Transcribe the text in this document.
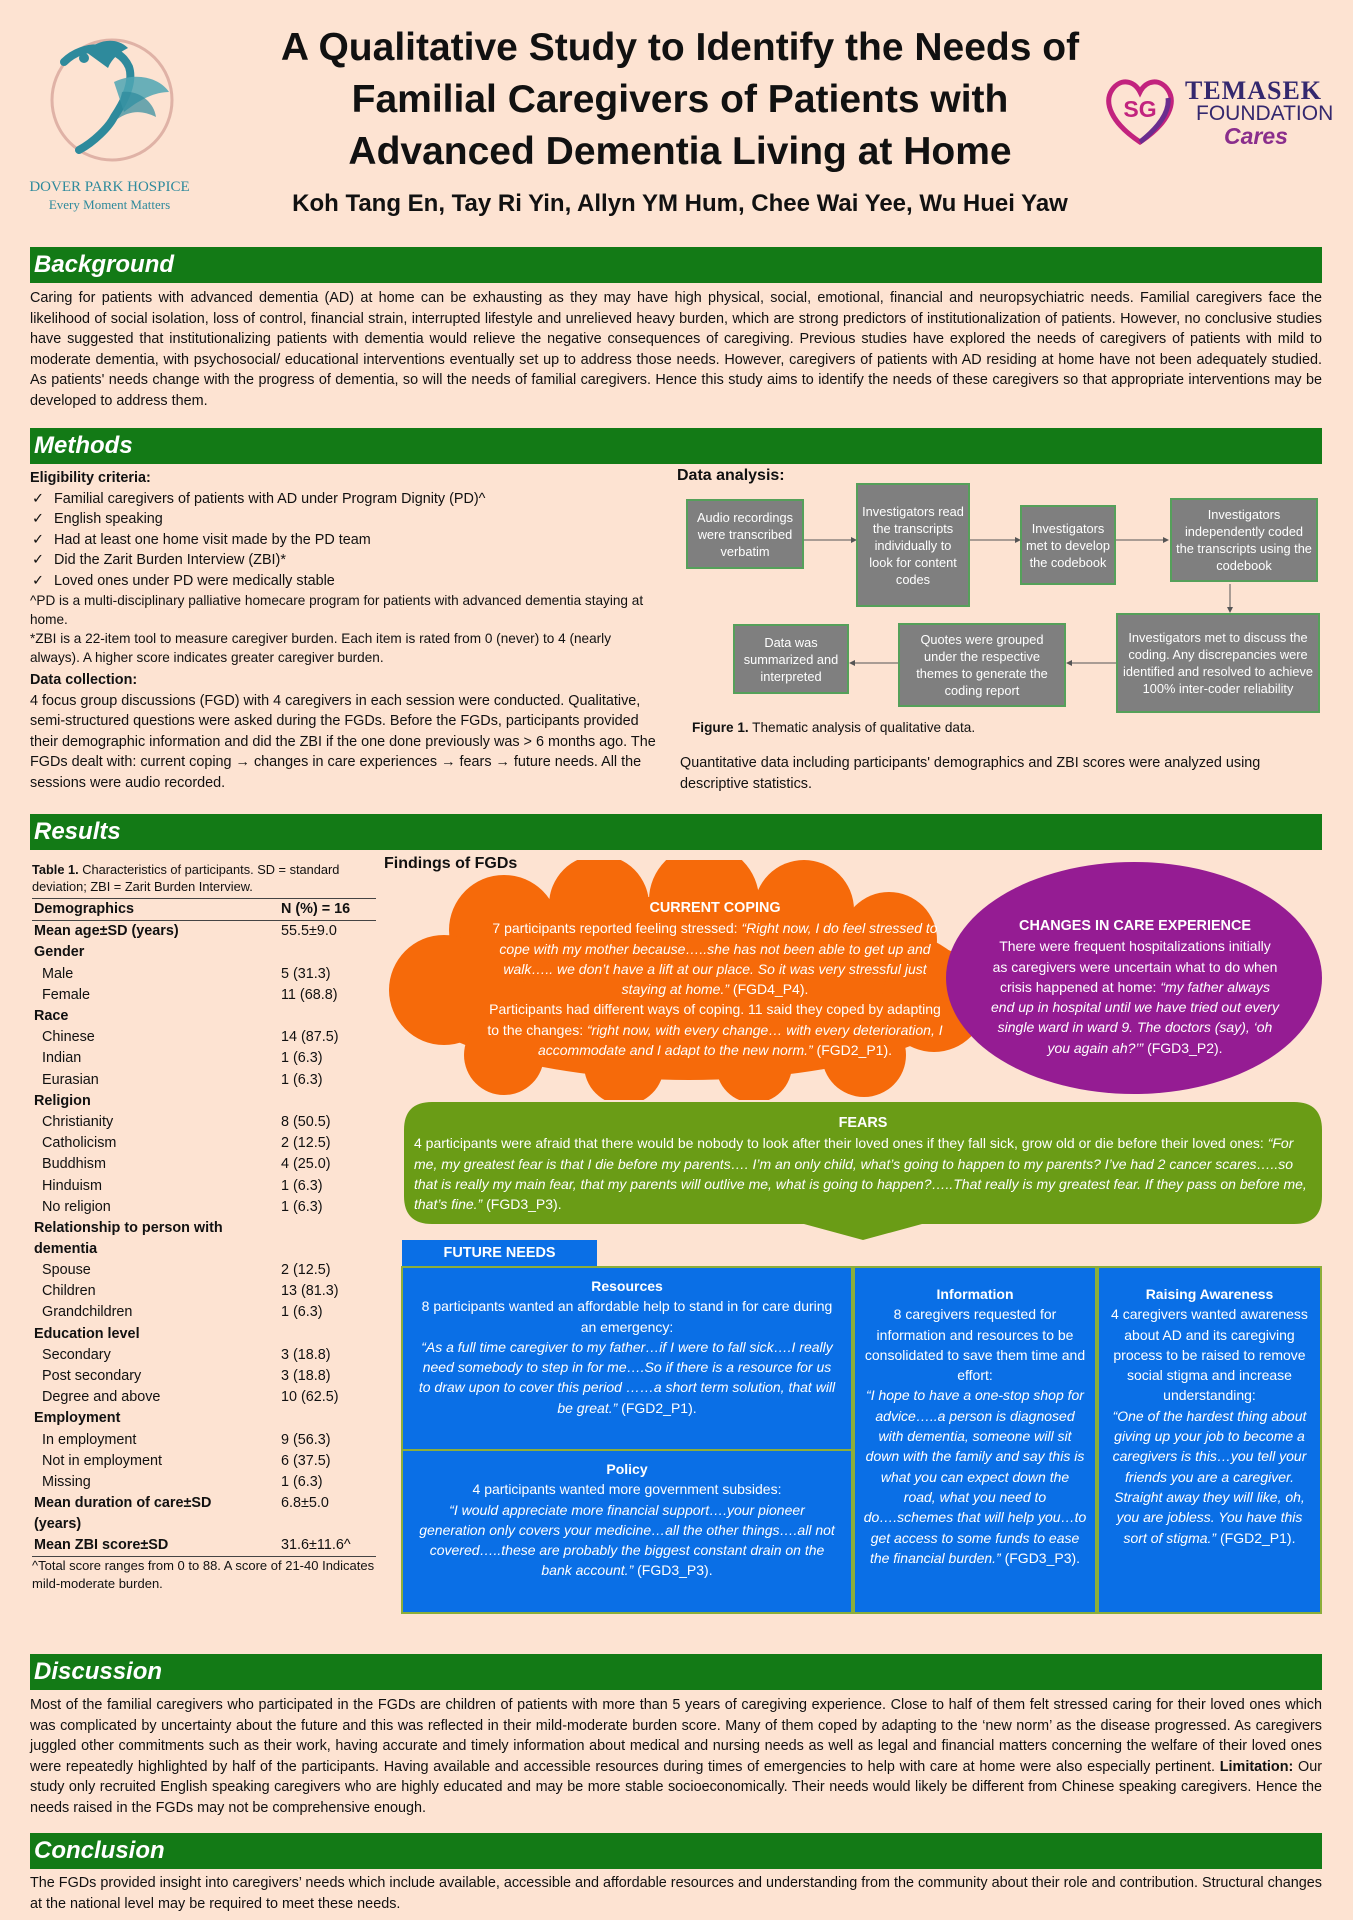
DOVER PARK HOSPICE
Every Moment Matters
A Qualitative Study to Identify the Needs of
Familial Caregivers of Patients with
Advanced Dementia Living at Home
Koh Tang En, Tay Ri Yin, Allyn YM Hum, Chee Wai Yee, Wu Huei Yaw
SG
TEMASEK
FOUNDATION
Cares
Background
Caring for patients with advanced dementia (AD) at home can be exhausting as they may have high physical, social, emotional, financial and neuropsychiatric needs. Familial caregivers face the likelihood of social isolation, loss of control, financial strain, interrupted lifestyle and unrelieved heavy burden, which are strong predictors of institutionalization of patients. However, no conclusive studies have suggested that institutionalizing patients with dementia would relieve the negative consequences of caregiving. Previous studies have explored the needs of caregivers of patients with mild to moderate dementia, with psychosocial/ educational interventions eventually set up to address those needs. However, caregivers of patients with AD residing at home have not been adequately studied. As patients' needs change with the progress of dementia, so will the needs of familial caregivers. Hence this study aims to identify the needs of these caregivers so that appropriate interventions may be developed to address them.
Methods
Eligibility criteria:
✓ Familial caregivers of patients with AD under Program Dignity (PD)^
✓ English speaking
✓ Had at least one home visit made by the PD team
✓ Did the Zarit Burden Interview (ZBI)*
✓ Loved ones under PD were medically stable
^PD is a multi-disciplinary palliative homecare program for patients with advanced dementia staying at home.
*ZBI is a 22-item tool to measure caregiver burden. Each item is rated from 0 (never) to 4 (nearly always). A higher score indicates greater caregiver burden.
Data collection:
4 focus group discussions (FGD) with 4 caregivers in each session were conducted. Qualitative, semi-structured questions were asked during the FGDs. Before the FGDs, participants provided their demographic information and did the ZBI if the one done previously was > 6 months ago. The FGDs dealt with: current coping → changes in care experiences → fears → future needs. All the sessions were audio recorded.
Data analysis:
Audio recordings were transcribed verbatim
Investigators read the transcripts individually to look for content codes
Investigators met to develop the codebook
Investigators independently coded the transcripts using the codebook
Investigators met to discuss the coding. Any discrepancies were identified and resolved to achieve 100% inter-coder reliability
Quotes were grouped under the respective themes to generate the coding report
Data was summarized and interpreted
Figure 1. Thematic analysis of qualitative data.
Quantitative data including participants' demographics and ZBI scores were analyzed using descriptive statistics.
Results
Table 1. Characteristics of participants. SD = standard deviation; ZBI = Zarit Burden Interview.
Demographics	N (%) = 16
Mean age±SD (years)	55.5±9.0
Gender	
Male	5 (31.3)
Female	11 (68.8)
Race	
Chinese	14 (87.5)
Indian	1 (6.3)
Eurasian	1 (6.3)
Religion	
Christianity	8 (50.5)
Catholicism	2 (12.5)
Buddhism	4 (25.0)
Hinduism	1 (6.3)
No religion	1 (6.3)
Relationship to person with dementia	
Spouse	2 (12.5)
Children	13 (81.3)
Grandchildren	1 (6.3)
Education level	
Secondary	3 (18.8)
Post secondary	3 (18.8)
Degree and above	10 (62.5)
Employment	
In employment	9 (56.3)
Not in employment	6 (37.5)
Missing	1 (6.3)
Mean duration of care±SD (years)	6.8±5.0
Mean ZBI score±SD	31.6±11.6^
^Total score ranges from 0 to 88. A score of 21-40 Indicates mild-moderate burden.
Findings of FGDs
CURRENT COPING
7 participants reported feeling stressed: “Right now, I do feel stressed to cope with my mother because…..she has not been able to get up and walk….. we don’t have a lift at our place. So it was very stressful just staying at home.” (FGD4_P4).
Participants had different ways of coping. 11 said they coped by adapting to the changes: “right now, with every change… with every deterioration, I accommodate and I adapt to the new norm.” (FGD2_P1).
CHANGES IN CARE EXPERIENCE
There were frequent hospitalizations initially as caregivers were uncertain what to do when crisis happened at home: “my father always end up in hospital until we have tried out every single ward in ward 9. The doctors (say), ‘oh you again ah?’” (FGD3_P2).
FEARS
4 participants were afraid that there would be nobody to look after their loved ones if they fall sick, grow old or die before their loved ones: “For me, my greatest fear is that I die before my parents…. I’m an only child, what’s going to happen to my parents? I’ve had 2 cancer scares…..so that is really my main fear, that my parents will outlive me, what is going to happen?…..That really is my greatest fear. If they pass on before me, that’s fine.” (FGD3_P3).
FUTURE NEEDS
Resources
8 participants wanted an affordable help to stand in for care during an emergency:
“As a full time caregiver to my father…if I were to fall sick….I really need somebody to step in for me….So if there is a resource for us to draw upon to cover this period ……a short term solution, that will be great.” (FGD2_P1).
Policy
4 participants wanted more government subsides:
“I would appreciate more financial support….your pioneer generation only covers your medicine…all the other things….all not covered…..these are probably the biggest constant drain on the bank account.” (FGD3_P3).
Information
8 caregivers requested for information and resources to be consolidated to save them time and effort:
“I hope to have a one-stop shop for advice…..a person is diagnosed with dementia, someone will sit down with the family and say this is what you can expect down the road, what you need to do….schemes that will help you…to get access to some funds to ease the financial burden.” (FGD3_P3).
Raising Awareness
4 caregivers wanted awareness about AD and its caregiving process to be raised to remove social stigma and increase understanding:
“One of the hardest thing about giving up your job to become a caregivers is this…you tell your friends you are a caregiver. Straight away they will like, oh, you are jobless. You have this sort of stigma.” (FGD2_P1).
Discussion
Most of the familial caregivers who participated in the FGDs are children of patients with more than 5 years of caregiving experience. Close to half of them felt stressed caring for their loved ones which was complicated by uncertainty about the future and this was reflected in their mild-moderate burden score. Many of them coped by adapting to the ‘new norm’ as the disease progressed. As caregivers juggled other commitments such as their work, having accurate and timely information about medical and nursing needs as well as legal and financial matters concerning the welfare of their loved ones were repeatedly highlighted by half of the participants. Having available and accessible resources during times of emergencies to help with care at home were also especially pertinent. Limitation: Our study only recruited English speaking caregivers who are highly educated and may be more stable socioeconomically. Their needs would likely be different from Chinese speaking caregivers. Hence the needs raised in the FGDs may not be comprehensive enough.
Conclusion
The FGDs provided insight into caregivers’ needs which include available, accessible and affordable resources and understanding from the community about their role and contribution. Structural changes at the national level may be required to meet these needs.
